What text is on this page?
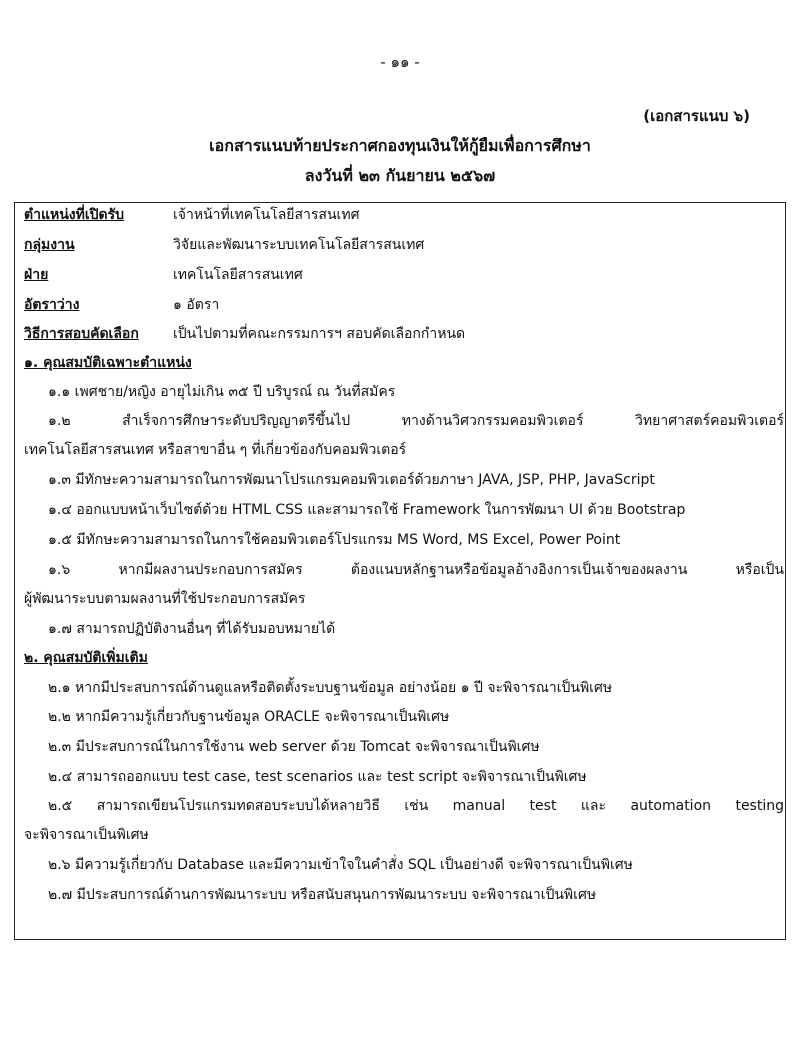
- ๑๑ -
(เอกสารแนบ ๖)
เอกสารแนบท้ายประกาศกองทุนเงินให้กู้ยืมเพื่อการศึกษา
ลงวันที่ ๒๓ กันยายน ๒๕๖๗
ตำแหน่งที่เปิดรับ	เจ้าหน้าที่เทคโนโลยีสารสนเทศ
กลุ่มงาน	วิจัยและพัฒนาระบบเทคโนโลยีสารสนเทศ
ฝ่าย	เทคโนโลยีสารสนเทศ
อัตราว่าง	๑ อัตรา
วิธีการสอบคัดเลือก เป็นไปตามที่คณะกรรมการฯ สอบคัดเลือกกำหนด
๑. คุณสมบัติเฉพาะตำแหน่ง
๑.๑ เพศชาย/หญิง อายุไม่เกิน ๓๕ ปี บริบูรณ์ ณ วันที่สมัคร
๑.๒ สำเร็จการศึกษาระดับปริญญาตรีขึ้นไป ทางด้านวิศวกรรมคอมพิวเตอร์ วิทยาศาสตร์คอมพิวเตอร์
เทคโนโลยีสารสนเทศ หรือสาขาอื่น ๆ ที่เกี่ยวข้องกับคอมพิวเตอร์
๑.๓ มีทักษะความสามารถในการพัฒนาโปรแกรมคอมพิวเตอร์ด้วยภาษา JAVA, JSP, PHP, JavaScript
๑.๔ ออกแบบหน้าเว็บไซต์ด้วย HTML CSS และสามารถใช้ Framework ในการพัฒนา UI ด้วย Bootstrap
๑.๕ มีทักษะความสามารถในการใช้คอมพิวเตอร์โปรแกรม MS Word, MS Excel, Power Point
๑.๖ หากมีผลงานประกอบการสมัคร ต้องแนบหลักฐานหรือข้อมูลอ้างอิงการเป็นเจ้าของผลงาน หรือเป็น
ผู้พัฒนาระบบตามผลงานที่ใช้ประกอบการสมัคร
๑.๗ สามารถปฏิบัติงานอื่นๆ ที่ได้รับมอบหมายได้
๒. คุณสมบัติเพิ่มเติม
๒.๑ หากมีประสบการณ์ด้านดูแลหรือติดตั้งระบบฐานข้อมูล อย่างน้อย ๑ ปี จะพิจารณาเป็นพิเศษ
๒.๒ หากมีความรู้เกี่ยวกับฐานข้อมูล ORACLE จะพิจารณาเป็นพิเศษ
๒.๓ มีประสบการณ์ในการใช้งาน web server ด้วย Tomcat จะพิจารณาเป็นพิเศษ
๒.๔ สามารถออกแบบ test case, test scenarios และ test script จะพิจารณาเป็นพิเศษ
๒.๕ สามารถเขียนโปรแกรมทดสอบระบบได้หลายวิธี เช่น manual test และ automation testing
จะพิจารณาเป็นพิเศษ
๒.๖ มีความรู้เกี่ยวกับ Database และมีความเข้าใจในคำสั่ง SQL เป็นอย่างดี จะพิจารณาเป็นพิเศษ
๒.๗ มีประสบการณ์ด้านการพัฒนาระบบ หรือสนับสนุนการพัฒนาระบบ จะพิจารณาเป็นพิเศษ
